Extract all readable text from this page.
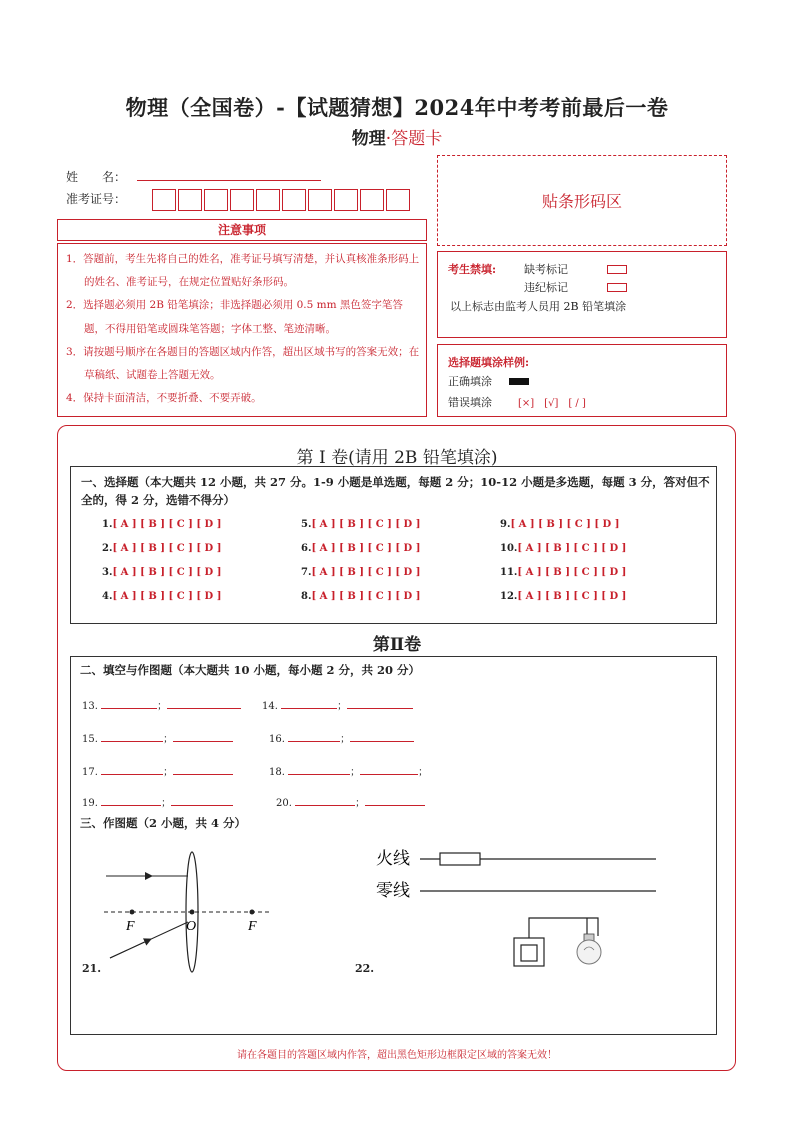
物理（全国卷）-【试题猜想】2024年中考考前最后一卷
物理·答题卡
姓　　名：
准考证号：	贴条形码区
注意事项
1．答题前，考生先将自己的姓名，准考证号填写清楚，并认真核准条形码上的姓名、准考证号，在规定位置贴好条形码。
2．选择题必须用 2B 铅笔填涂；非选择题必须用 0.5 mm 黑色签字笔答题，不得用铅笔或圆珠笔答题；字体工整、笔迹清晰。
3．请按题号顺序在各题目的答题区域内作答，超出区域书写的答案无效；在草稿纸、试题卷上答题无效。
4．保持卡面清洁，不要折叠、不要弄破。
考生禁填:	缺考标记
违纪标记
以上标志由监考人员用 2B 铅笔填涂
选择题填涂样例:
正确填涂
错误填涂	[×]　[√]　[ / ]
第 Ⅰ 卷(请用 2B 铅笔填涂)
一、选择题（本大题共 12 小题，共 27 分。1-9 小题是单选题，每题 2 分；10-12 小题是多选题，每题 3 分，答对但不全的，得 2 分，选错不得分）
1.[ A ] [ B ] [ C ] [ D ]
2.[ A ] [ B ] [ C ] [ D ]
3.[ A ] [ B ] [ C ] [ D ]
4.[ A ] [ B ] [ C ] [ D ]
5.[ A ] [ B ] [ C ] [ D ]
6.[ A ] [ B ] [ C ] [ D ]
7.[ A ] [ B ] [ C ] [ D ]
8.[ A ] [ B ] [ C ] [ D ]
9.[ A ] [ B ] [ C ] [ D ]
10.[ A ] [ B ] [ C ] [ D ]
11.[ A ] [ B ] [ C ] [ D ]
12.[ A ] [ B ] [ C ] [ D ]
第Ⅱ卷
二、填空与作图题（本大题共 10 小题，每小题 2 分，共 20 分）
13.	；	14.	；
15.	；	16.	；
17.	；	18.	；	；
19.	；	20.	；
三、作图题（2 小题，共 4 分）
F	O	F
21.
火线
零线
22.
请在各题目的答题区域内作答，超出黑色矩形边框限定区域的答案无效！
